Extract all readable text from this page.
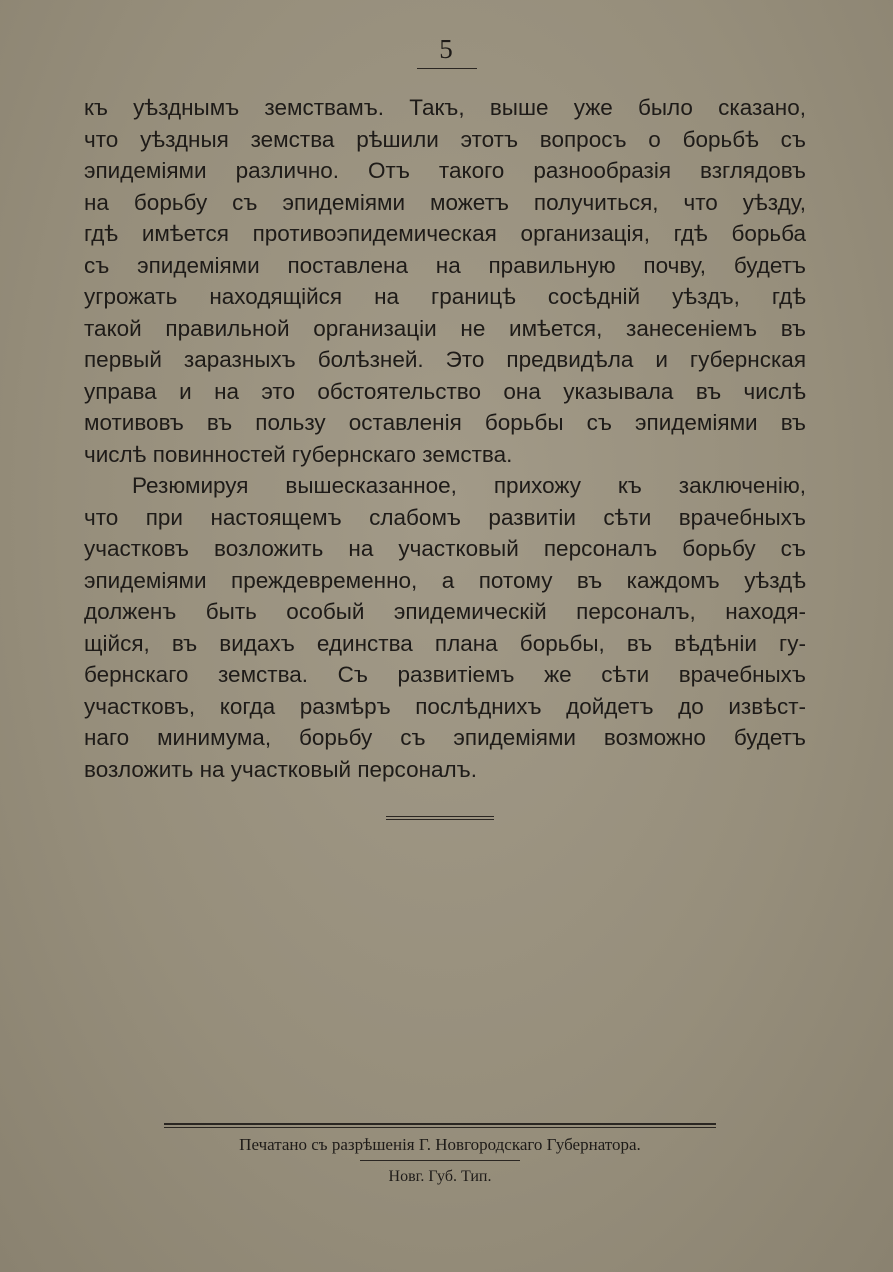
5
къ уѣзднымъ земствамъ. Такъ, выше уже было сказано,
что уѣздныя земства рѣшили этотъ вопросъ о борьбѣ съ
эпидеміями различно. Отъ такого разнообразія взглядовъ
на борьбу съ эпидеміями можетъ получиться, что уѣзду,
гдѣ имѣется противоэпидемическая организація, гдѣ борьба
съ эпидеміями поставлена на правильную почву, будетъ
угрожать находящійся на границѣ сосѣдній уѣздъ, гдѣ
такой правильной организаціи не имѣется, занесеніемъ въ
первый заразныхъ болѣзней. Это предвидѣла и губернская
управа и на это обстоятельство она указывала въ числѣ
мотивовъ въ пользу оставленія борьбы съ эпидеміями въ
числѣ повинностей губернскаго земства.
Резюмируя вышесказанное, прихожу къ заключенію,
что при настоящемъ слабомъ развитіи сѣти врачебныхъ
участковъ возложить на участковый персоналъ борьбу съ
эпидеміями преждевременно, а потому въ каждомъ уѣздѣ
долженъ быть особый эпидемическій персоналъ, находя-
щійся, въ видахъ единства плана борьбы, въ вѣдѣніи гу-
бернскаго земства. Съ развитіемъ же сѣти врачебныхъ
участковъ, когда размѣръ послѣднихъ дойдетъ до извѣст-
наго минимума, борьбу съ эпидеміями возможно будетъ
возложить на участковый персоналъ.
Печатано съ разрѣшенія Г. Новгородскаго Губернатора.
Новг. Губ. Тип.
